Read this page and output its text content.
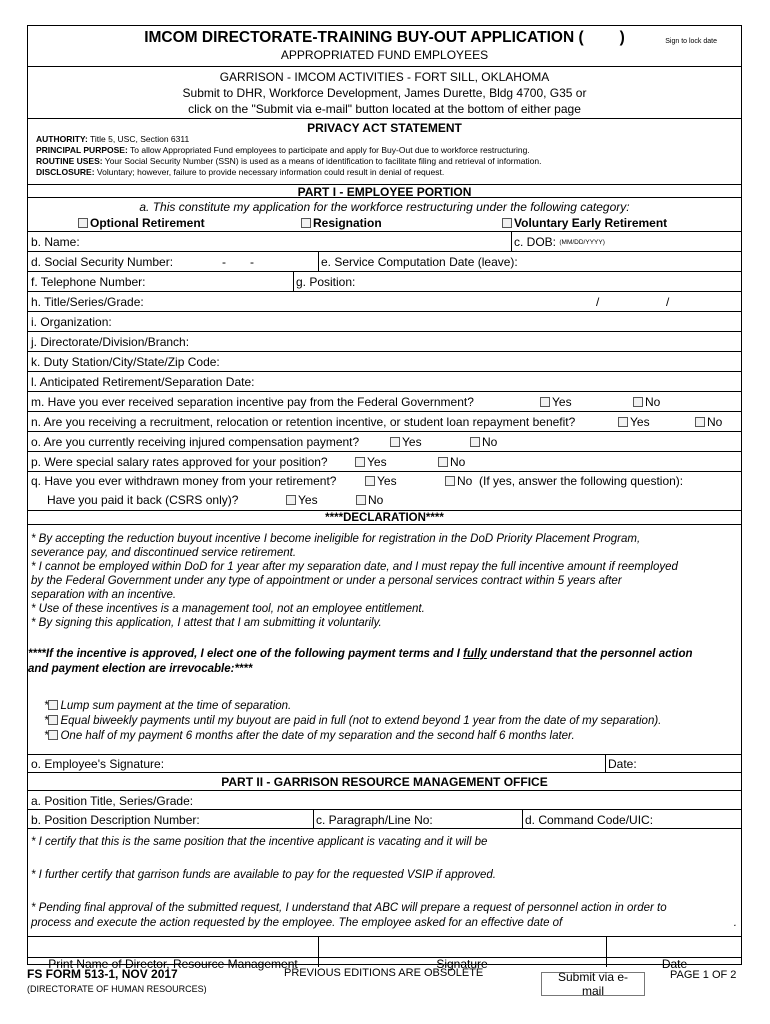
IMCOM DIRECTORATE-TRAINING BUY-OUT APPLICATION ( )
APPROPRIATED FUND EMPLOYEES
Sign to lock date
GARRISON - IMCOM ACTIVITIES - FORT SILL, OKLAHOMA
Submit to DHR, Workforce Development, James Durette, Bldg 4700, G35 or
click on the "Submit via e-mail" button located at the bottom of either page
PRIVACY ACT STATEMENT
AUTHORITY: Title 5, USC, Section 6311
PRINCIPAL PURPOSE: To allow Appropriated Fund employees to participate and apply for Buy-Out due to workforce restructuring.
ROUTINE USES: Your Social Security Number (SSN) is used as a means of identification to facilitate filing and retrieval of information.
DISCLOSURE: Voluntary; however, failure to provide necessary information could result in denial of request.
PART I - EMPLOYEE PORTION
a. This constitute my application for the workforce restructuring under the following category:
Optional Retirement	Resignation	Voluntary Early Retirement
b. Name:	c. DOB:
(MM/DD/YYYY)
d. Social Security Number:	- -	e. Service Computation Date (leave):
f. Telephone Number:	g. Position:
h. Title/Series/Grade:	/	/
i. Organization:
j. Directorate/Division/Branch:
k. Duty Station/City/State/Zip Code:
l. Anticipated Retirement/Separation Date:
m. Have you ever received separation incentive pay from the Federal Government?	Yes	No
n. Are you receiving a recruitment, relocation or retention incentive, or student loan repayment benefit?	Yes	No
o. Are you currently receiving injured compensation payment?	Yes	No
p. Were special salary rates approved for your position?	Yes	No
q. Have you ever withdrawn money from your retirement?	Yes	No (If yes, answer the following question):
Have you paid it back (CSRS only)?	Yes	No
****DECLARATION****
* By accepting the reduction buyout incentive I become ineligible for registration in the DoD Priority Placement Program,
severance pay, and discontinued service retirement.
* I cannot be employed within DoD for 1 year after my separation date, and I must repay the full incentive amount if reemployed
by the Federal Government under any type of appointment or under a personal services contract within 5 years after
separation with an incentive.
* Use of these incentives is a management tool, not an employee entitlement.
* By signing this application, I attest that I am submitting it voluntarily.
****If the incentive is approved, I elect one of the following payment terms and I fully understand that the personnel action
and payment election are irrevocable:****
* Lump sum payment at the time of separation.
* Equal biweekly payments until my buyout are paid in full (not to extend beyond 1 year from the date of my separation).
* One half of my payment 6 months after the date of my separation and the second half 6 months later.
o. Employee's Signature:	Date:
PART II - GARRISON RESOURCE MANAGEMENT OFFICE
a. Position Title, Series/Grade:
b. Position Description Number:	c. Paragraph/Line No:	d. Command Code/UIC:
* I certify that this is the same position that the incentive applicant is vacating and it will be
* I further certify that garrison funds are available to pay for the requested VSIP if approved.
* Pending final approval of the submitted request, I understand that ABC will prepare a request of personnel action in order to
process and execute the action requested by the employee. The employee asked for an effective date of	.
Print Name of Director, Resource Management	Signature	Date
FS FORM 513-1, NOV 2017
(DIRECTORATE OF HUMAN RESOURCES)
PREVIOUS EDITIONS ARE OBSOLETE	Submit via e-mail
PAGE 1 OF 2
